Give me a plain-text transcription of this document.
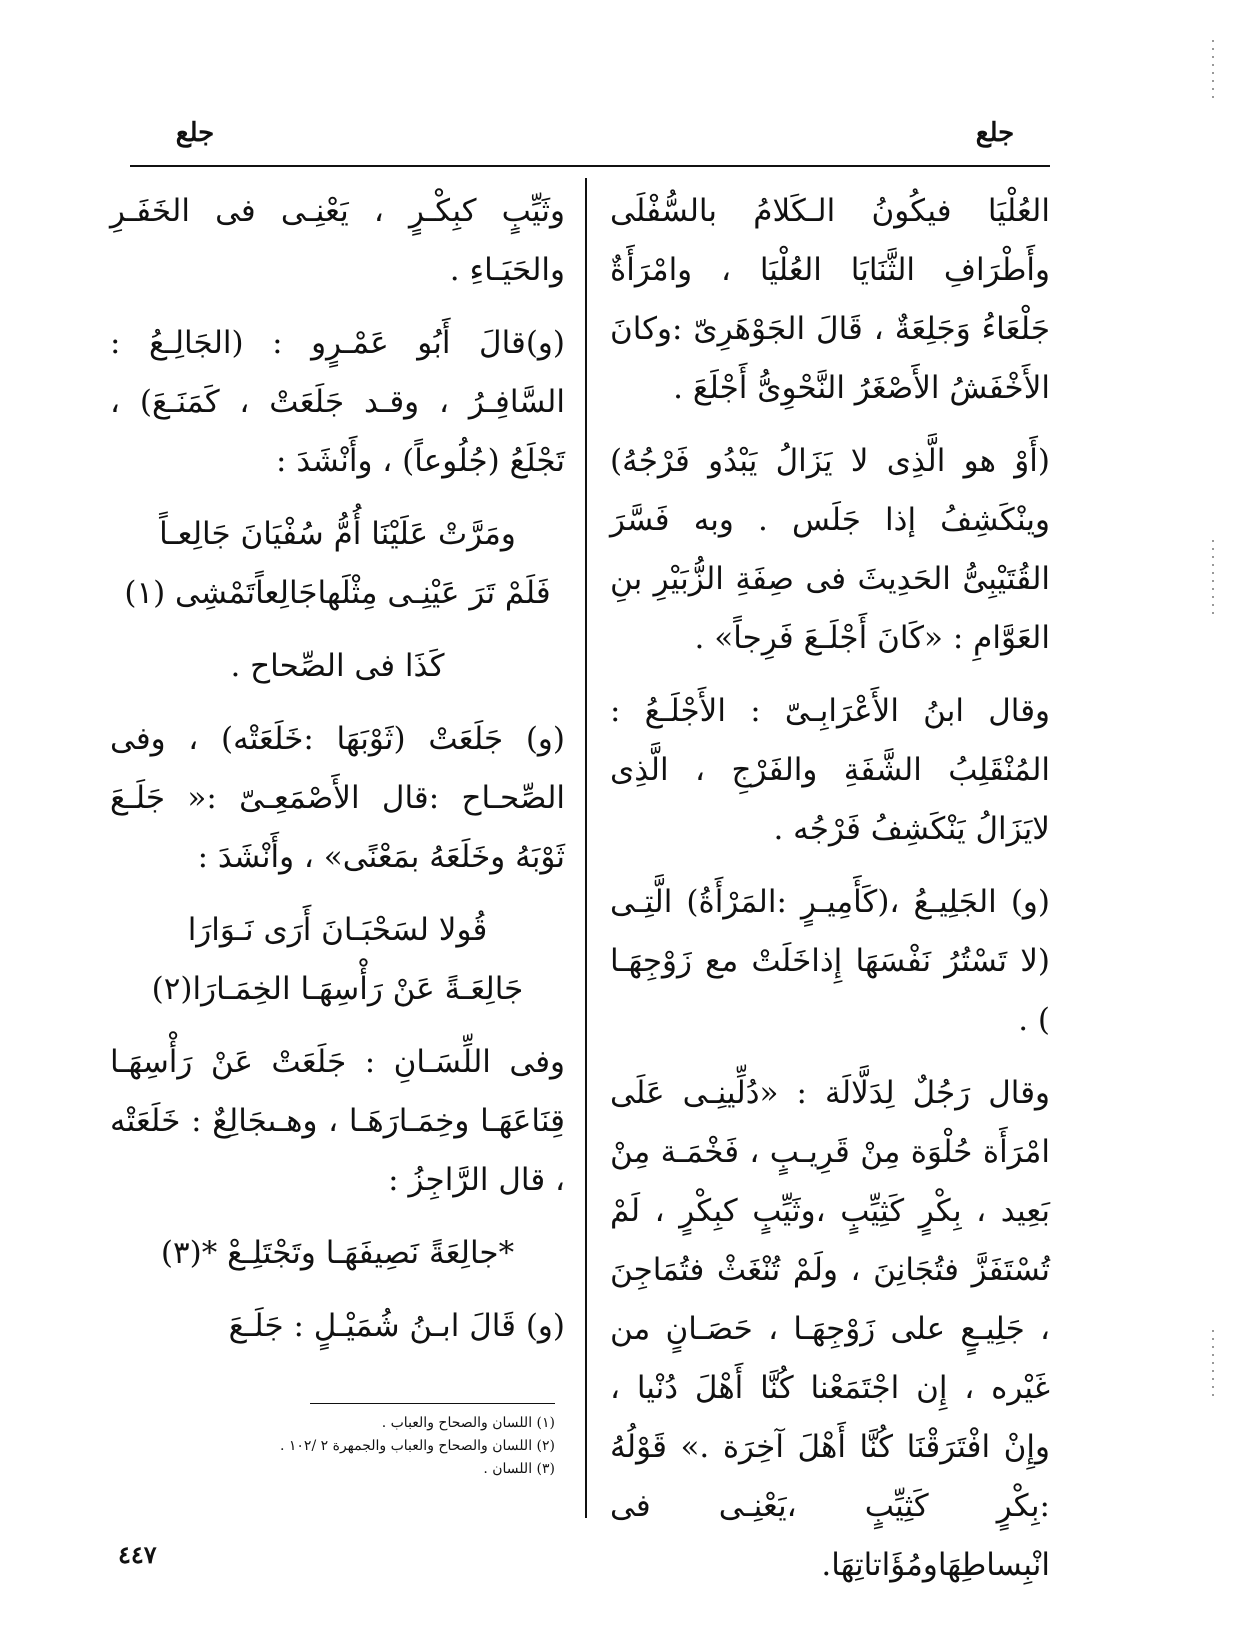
جلع
جلع

العُلْيَا فيكُونُ الـكَلامُ بالسُّفْلَى وأَطْرَافِ الثَّنَايَا العُلْيَا ، وامْرَأَةٌ جَلْعَاءُ وَجَلِعَةٌ ، قَالَ الجَوْهَرِىّ :وكانَ الأَخْفَشُ الأَصْغَرُ النَّحْوِىُّ أَجْلَعَ .

(أَوْ هو الَّذِى لا يَزَالُ يَبْدُو فَرْجُهُ) وينْكَشِفُ إذا جَلَس . وبه فَسَّرَ القُتَيْبِىُّ الحَدِيثَ فى صِفَةِ الزُّبَيْرِ بنِ العَوَّامِ : «كَانَ أَجْلَـعَ فَرِجاً» .

وقال ابنُ الأَعْرَابِـىّ : الأَجْلَـعُ : المُنْقَلِبُ الشَّفَةِ والفَرْجِ ، الَّذِى لايَزَالُ يَنْكَشِفُ فَرْجُه .

(و) الجَلِيـعُ ،(كَأَمِيـرٍ :المَرْأَةُ) الَّتِـى (لا تَسْتُرُ نَفْسَهَا إِذاخَلَتْ مع زَوْجِهَـا ) .

وقال رَجُلٌ لِدَلَّالَة : «دُلِّينِـى عَلَى امْرَأَة حُلْوَة مِنْ قَرِيـبٍ ، فَخْمَـة مِنْ بَعِيد ، بِكْرٍ كَثِيِّبٍ ،وثَيِّبٍ كبِكْرٍ ، لَمْ تُسْتَفَزَّ فتُجَانِنَ ، ولَمْ تُنْغَثْ فتُمَاجِنَ ، جَلِيـعٍ على زَوْجِهَـا ، حَصَـانٍ من غَيْره ، إِن اجْتَمَعْنا كُنَّا أَهْلَ دُنْيا ، وإِنْ افْتَرَقْنَا كُنَّا أَهْلَ آخِرَة .» قَوْلُهُ :بِكْرٍ كَثِيِّبٍ ،يَعْنِـى فى انْبِساطِهَاومُؤَاتاتِهَا.

وثَيِّبٍ كبِكْـرٍ ، يَعْنِـى فى الخَفَـرِ والحَيَـاءِ .

(و)قالَ أَبُو عَمْـرٍو : (الجَالِـعُ : السَّافِـرُ ، وقـد جَلَعَتْ ، كَمَنَـعَ) ، تَجْلَعُ (جُلُوعاً) ، وأَنْشَدَ :

ومَرَّتْ عَلَيْنَا أُمُّ سُفْيَانَ جَالِعـاً
فَلَمْ تَرَ عَيْنِـى مِثْلَهاجَالِعاًتَمْشِى (١)

كَذَا فى الصِّحاح .

(و) جَلَعَتْ (ثَوْبَهَا :خَلَعَتْه) ، وفى الصِّحـاح :قال الأَصْمَعِـىّ :« جَلَـعَ ثَوْبَهُ وخَلَعَهُ بمَعْنًى» ، وأَنْشَدَ :

قُولا لسَحْبَـانَ أَرَى نَـوَارَا
جَالِعَـةً عَنْ رَأْسِهَـا الخِمَـارَا(٢)

وفى اللِّسَـانِ : جَلَعَتْ عَنْ رَأْسِهَـا قِنَاعَهَـا وخِمَـارَهَـا ، وهـىجَالِعٌ : خَلَعَتْه ، قال الرَّاجِزُ :

*جالِعَةً نَصِيفَهَـا وتَجْتَلِـعْ *(٣)

(و) قَالَ ابـنُ شُمَيْـلٍ : جَلَـعَ

(١) اللسان والصحاح والعباب .
(٢) اللسان والصحاح والعباب والجمهرة ٢ /١٠٢ .
(٣) اللسان .
٤٤٧
